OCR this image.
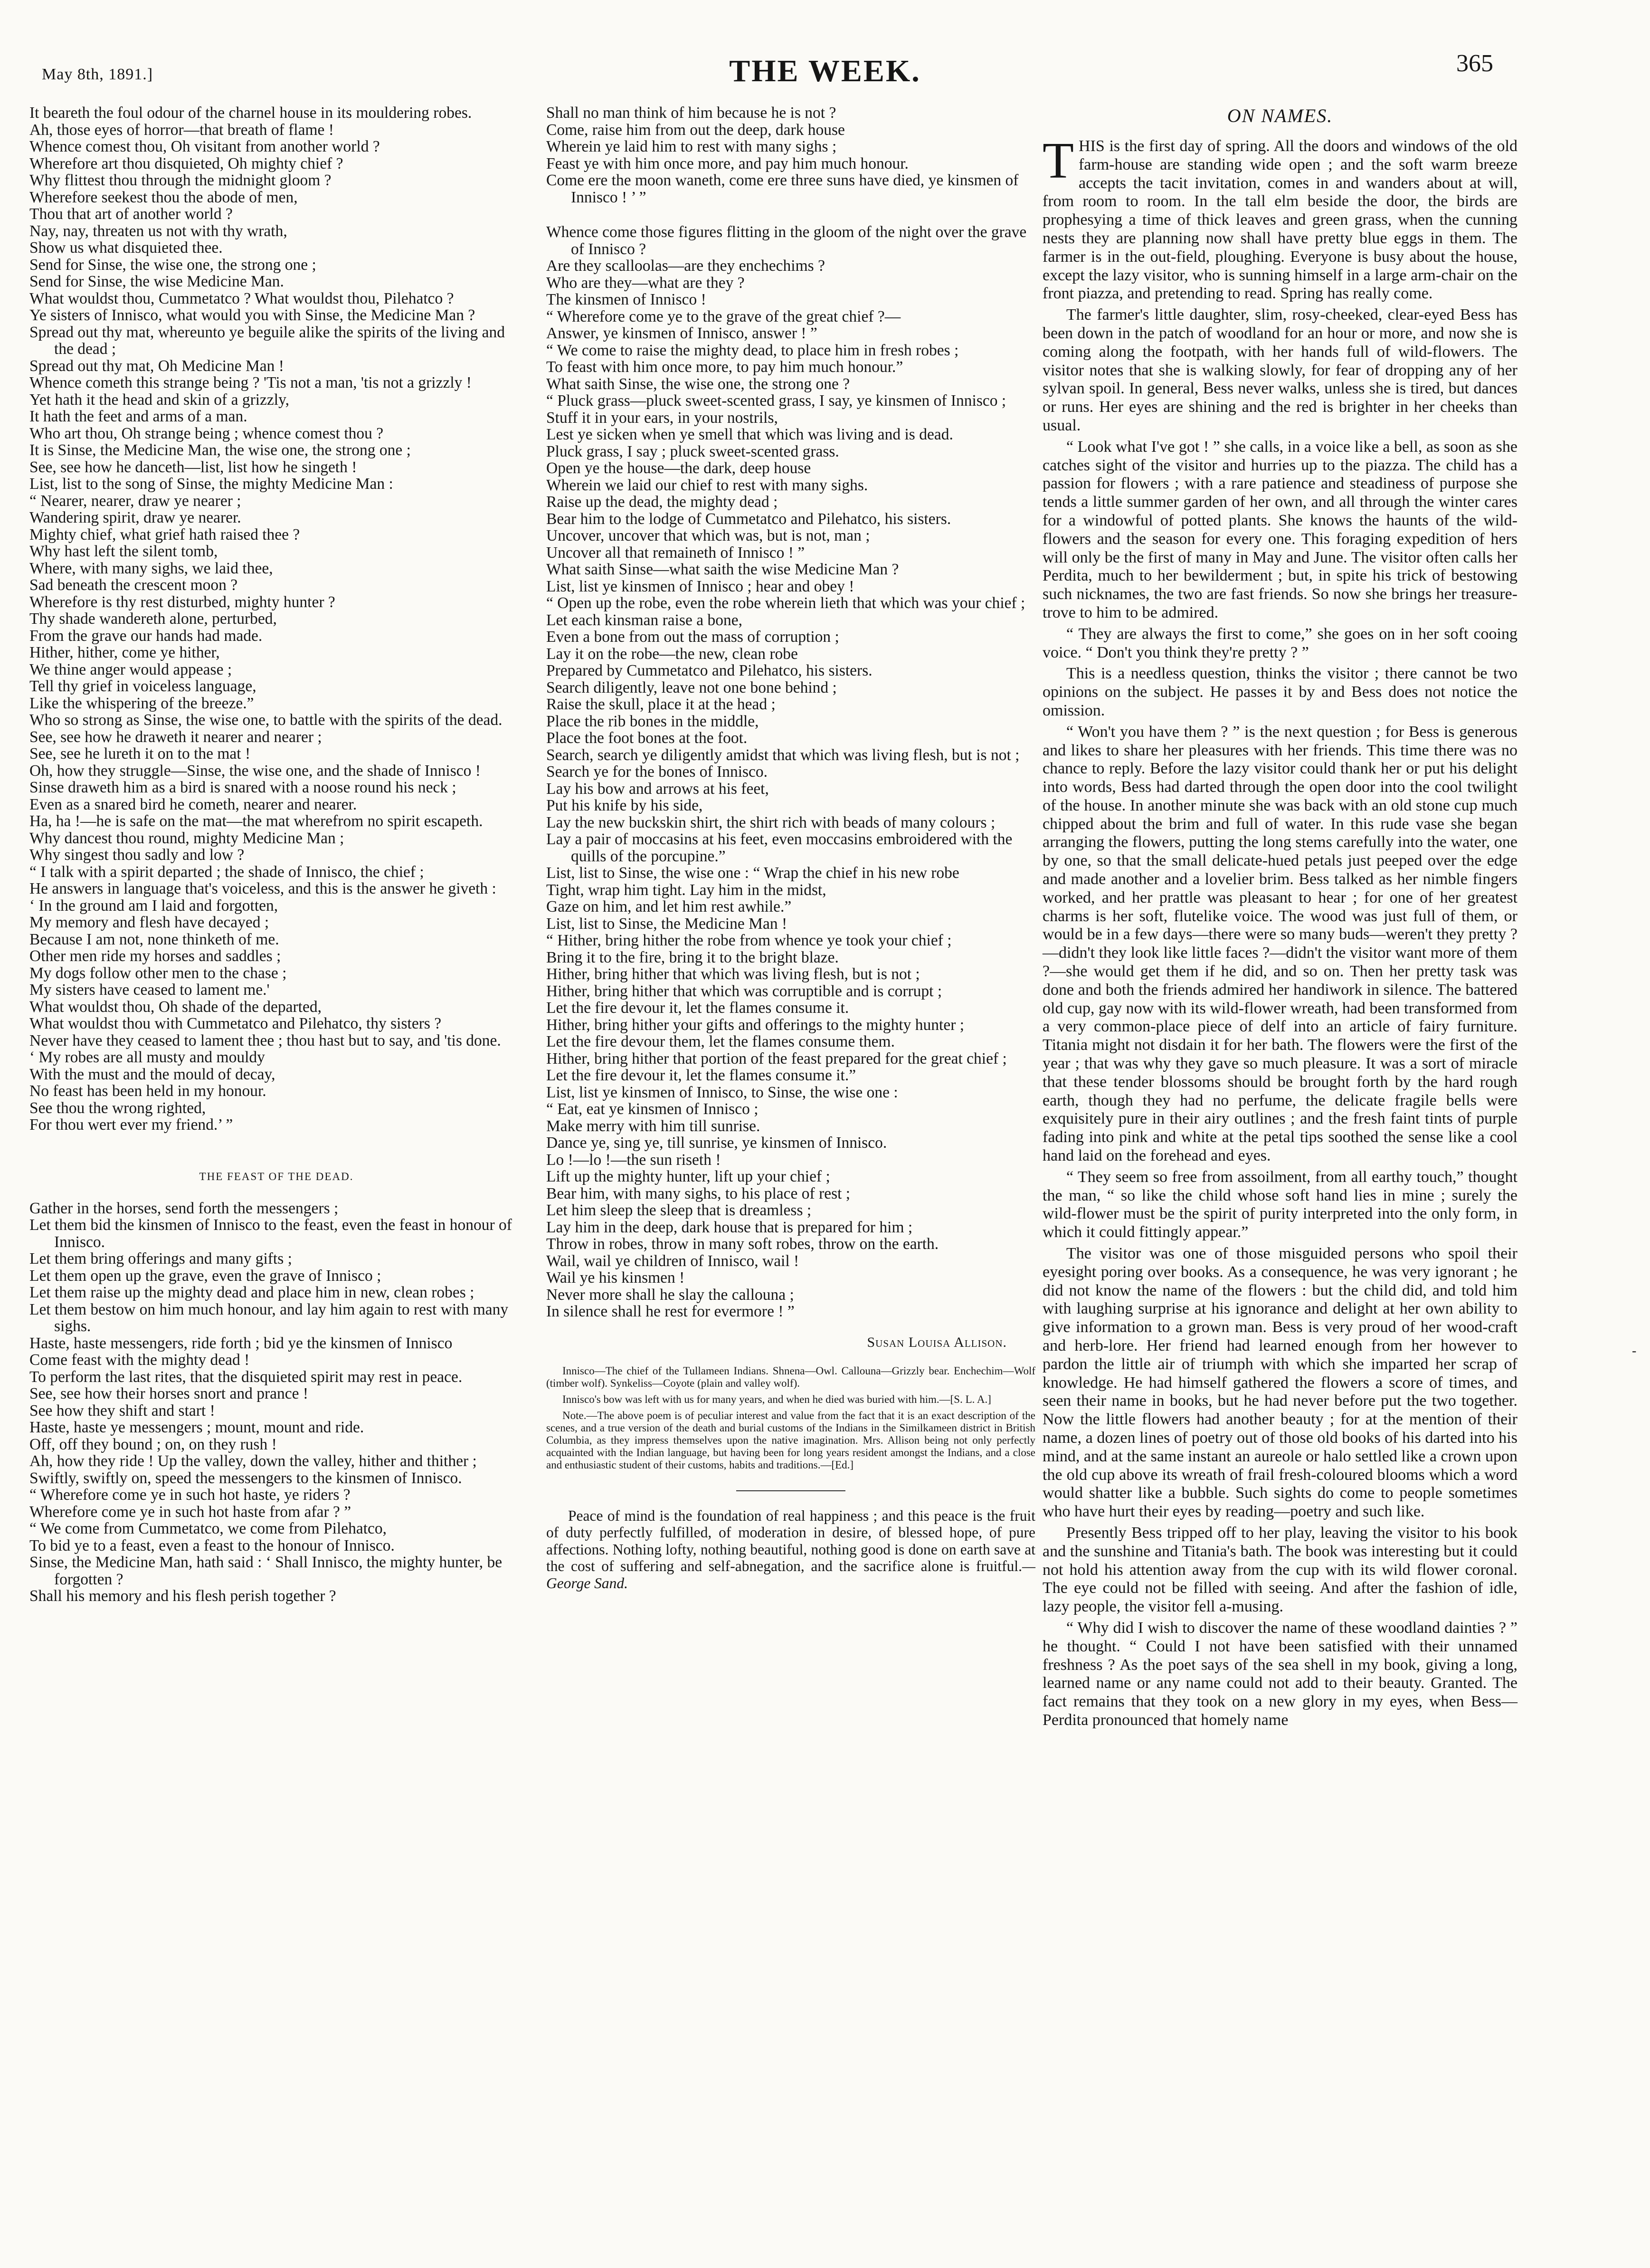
May 8th, 1891.]	THE WEEK.	365

It beareth the foul odour of the charnel house in its mouldering robes.

Ah, those eyes of horror—that breath of flame !

Whence comest thou, Oh visitant from another world ?

Wherefore art thou disquieted, Oh mighty chief ?

Why flittest thou through the midnight gloom ?

Wherefore seekest thou the abode of men,

Thou that art of another world ?

Nay, nay, threaten us not with thy wrath,

Show us what disquieted thee.

Send for Sinse, the wise one, the strong one ;

Send for Sinse, the wise Medicine Man.

What wouldst thou, Cummetatco ? What wouldst thou, Pilehatco ?

Ye sisters of Innisco, what would you with Sinse, the Medicine Man ?

Spread out thy mat, whereunto ye beguile alike the spirits of the living and the dead ;

Spread out thy mat, Oh Medicine Man !

Whence cometh this strange being ? 'Tis not a man, 'tis not a grizzly !

Yet hath it the head and skin of a grizzly,

It hath the feet and arms of a man.

Who art thou, Oh strange being ; whence comest thou ?

It is Sinse, the Medicine Man, the wise one, the strong one ;

See, see how he danceth—list, list how he singeth !

List, list to the song of Sinse, the mighty Medicine Man :

“ Nearer, nearer, draw ye nearer ;

Wandering spirit, draw ye nearer.

Mighty chief, what grief hath raised thee ?

Why hast left the silent tomb,

Where, with many sighs, we laid thee,

Sad beneath the crescent moon ?

Wherefore is thy rest disturbed, mighty hunter ?

Thy shade wandereth alone, perturbed,

From the grave our hands had made.

Hither, hither, come ye hither,

We thine anger would appease ;

Tell thy grief in voiceless language,

Like the whispering of the breeze.”

Who so strong as Sinse, the wise one, to battle with the spirits of the dead.

See, see how he draweth it nearer and nearer ;

See, see he lureth it on to the mat !

Oh, how they struggle—Sinse, the wise one, and the shade of Innisco !

Sinse draweth him as a bird is snared with a noose round his neck ;

Even as a snared bird he cometh, nearer and nearer.

Ha, ha !—he is safe on the mat—the mat wherefrom no spirit escapeth.

Why dancest thou round, mighty Medicine Man ;

Why singest thou sadly and low ?

“ I talk with a spirit departed ; the shade of Innisco, the chief ;

He answers in language that's voiceless, and this is the answer he giveth :

‘ In the ground am I laid and forgotten,

My memory and flesh have decayed ;

Because I am not, none thinketh of me.

Other men ride my horses and saddles ;

My dogs follow other men to the chase ;

My sisters have ceased to lament me.'

What wouldst thou, Oh shade of the departed,

What wouldst thou with Cummetatco and Pilehatco, thy sisters ?

Never have they ceased to lament thee ; thou hast but to say, and 'tis done.

‘ My robes are all musty and mouldy

With the must and the mould of decay,

No feast has been held in my honour.

See thou the wrong righted,

For thou wert ever my friend.’ ”

THE FEAST OF THE DEAD.

Gather in the horses, send forth the messengers ;

Let them bid the kinsmen of Innisco to the feast, even the feast in honour of Innisco.

Let them bring offerings and many gifts ;

Let them open up the grave, even the grave of Innisco ;

Let them raise up the mighty dead and place him in new, clean robes ;

Let them bestow on him much honour, and lay him again to rest with many sighs.

Haste, haste messengers, ride forth ; bid ye the kinsmen of Innisco

Come feast with the mighty dead !

To perform the last rites, that the disquieted spirit may rest in peace.

See, see how their horses snort and prance !

See how they shift and start !

Haste, haste ye messengers ; mount, mount and ride.

Off, off they bound ; on, on they rush !

Ah, how they ride ! Up the valley, down the valley, hither and thither ;

Swiftly, swiftly on, speed the messengers to the kinsmen of Innisco.

“ Wherefore come ye in such hot haste, ye riders ?

Wherefore come ye in such hot haste from afar ? ”

“ We come from Cummetatco, we come from Pilehatco,

To bid ye to a feast, even a feast to the honour of Innisco.

Sinse, the Medicine Man, hath said : ‘ Shall Innisco, the mighty hunter, be forgotten ?

Shall his memory and his flesh perish together ?

Shall no man think of him because he is not ?

Come, raise him from out the deep, dark house

Wherein ye laid him to rest with many sighs ;

Feast ye with him once more, and pay him much honour.

Come ere the moon waneth, come ere three suns have died, ye kinsmen of Innisco ! ’ ”

Whence come those figures flitting in the gloom of the night over the grave of Innisco ?

Are they scalloolas—are they enchechims ?

Who are they—what are they ?

The kinsmen of Innisco !

“ Wherefore come ye to the grave of the great chief ?—

Answer, ye kinsmen of Innisco, answer ! ”

“ We come to raise the mighty dead, to place him in fresh robes ;

To feast with him once more, to pay him much honour.”

What saith Sinse, the wise one, the strong one ?

“ Pluck grass—pluck sweet-scented grass, I say, ye kinsmen of Innisco ;

Stuff it in your ears, in your nostrils,

Lest ye sicken when ye smell that which was living and is dead.

Pluck grass, I say ; pluck sweet-scented grass.

Open ye the house—the dark, deep house

Wherein we laid our chief to rest with many sighs.

Raise up the dead, the mighty dead ;

Bear him to the lodge of Cummetatco and Pilehatco, his sisters.

Uncover, uncover that which was, but is not, man ;

Uncover all that remaineth of Innisco ! ”

What saith Sinse—what saith the wise Medicine Man ?

List, list ye kinsmen of Innisco ; hear and obey !

“ Open up the robe, even the robe wherein lieth that which was your chief ;

Let each kinsman raise a bone,

Even a bone from out the mass of corruption ;

Lay it on the robe—the new, clean robe

Prepared by Cummetatco and Pilehatco, his sisters.

Search diligently, leave not one bone behind ;

Raise the skull, place it at the head ;

Place the rib bones in the middle,

Place the foot bones at the foot.

Search, search ye diligently amidst that which was living flesh, but is not ;

Search ye for the bones of Innisco.

Lay his bow and arrows at his feet,

Put his knife by his side,

Lay the new buckskin shirt, the shirt rich with beads of many colours ;

Lay a pair of moccasins at his feet, even moccasins embroidered with the quills of the porcupine.”

List, list to Sinse, the wise one : “ Wrap the chief in his new robe

Tight, wrap him tight. Lay him in the midst,

Gaze on him, and let him rest awhile.”

List, list to Sinse, the Medicine Man !

“ Hither, bring hither the robe from whence ye took your chief ;

Bring it to the fire, bring it to the bright blaze.

Hither, bring hither that which was living flesh, but is not ;

Hither, bring hither that which was corruptible and is corrupt ;

Let the fire devour it, let the flames consume it.

Hither, bring hither your gifts and offerings to the mighty hunter ;

Let the fire devour them, let the flames consume them.

Hither, bring hither that portion of the feast prepared for the great chief ;

Let the fire devour it, let the flames consume it.”

List, list ye kinsmen of Innisco, to Sinse, the wise one :

“ Eat, eat ye kinsmen of Innisco ;

Make merry with him till sunrise.

Dance ye, sing ye, till sunrise, ye kinsmen of Innisco.

Lo !—lo !—the sun riseth !

Lift up the mighty hunter, lift up your chief ;

Bear him, with many sighs, to his place of rest ;

Let him sleep the sleep that is dreamless ;

Lay him in the deep, dark house that is prepared for him ;

Throw in robes, throw in many soft robes, throw on the earth.

Wail, wail ye children of Innisco, wail !

Wail ye his kinsmen !

Never more shall he slay the callouna ;

In silence shall he rest for evermore ! ”

Susan Louisa Allison.

Innisco—The chief of the Tullameen Indians. Shnena—Owl. Callouna—Grizzly bear. Enchechim—Wolf (timber wolf). Synkeliss—Coyote (plain and valley wolf).

Innisco's bow was left with us for many years, and when he died was buried with him.—[S. L. A.]

Note.—The above poem is of peculiar interest and value from the fact that it is an exact description of the scenes, and a true version of the death and burial customs of the Indians in the Similkameen district in British Columbia, as they impress themselves upon the native imagination. Mrs. Allison being not only perfectly acquainted with the Indian language, but having been for long years resident amongst the Indians, and a close and enthusiastic student of their customs, habits and traditions.—[Ed.]

Peace of mind is the foundation of real happiness ; and this peace is the fruit of duty perfectly fulfilled, of moderation in desire, of blessed hope, of pure affections. Nothing lofty, nothing beautiful, nothing good is done on earth save at the cost of suffering and self-abnegation, and the sacrifice alone is fruitful.—George Sand.

ON NAMES.

THIS is the first day of spring. All the doors and windows of the old farm-house are standing wide open ; and the soft warm breeze accepts the tacit invitation, comes in and wanders about at will, from room to room. In the tall elm beside the door, the birds are prophesying a time of thick leaves and green grass, when the cunning nests they are planning now shall have pretty blue eggs in them. The farmer is in the out-field, ploughing. Everyone is busy about the house, except the lazy visitor, who is sunning himself in a large arm-chair on the front piazza, and pretending to read. Spring has really come.

The farmer's little daughter, slim, rosy-cheeked, clear-eyed Bess has been down in the patch of woodland for an hour or more, and now she is coming along the footpath, with her hands full of wild-flowers. The visitor notes that she is walking slowly, for fear of dropping any of her sylvan spoil. In general, Bess never walks, unless she is tired, but dances or runs. Her eyes are shining and the red is brighter in her cheeks than usual.

“ Look what I've got ! ” she calls, in a voice like a bell, as soon as she catches sight of the visitor and hurries up to the piazza. The child has a passion for flowers ; with a rare patience and steadiness of purpose she tends a little summer garden of her own, and all through the winter cares for a windowful of potted plants. She knows the haunts of the wild-flowers and the season for every one. This foraging expedition of hers will only be the first of many in May and June. The visitor often calls her Perdita, much to her bewilderment ; but, in spite his trick of bestowing such nicknames, the two are fast friends. So now she brings her treasure-trove to him to be admired.

“ They are always the first to come,” she goes on in her soft cooing voice. “ Don't you think they're pretty ? ”

This is a needless question, thinks the visitor ; there cannot be two opinions on the subject. He passes it by and Bess does not notice the omission.

“ Won't you have them ? ” is the next question ; for Bess is generous and likes to share her pleasures with her friends. This time there was no chance to reply. Before the lazy visitor could thank her or put his delight into words, Bess had darted through the open door into the cool twilight of the house. In another minute she was back with an old stone cup much chipped about the brim and full of water. In this rude vase she began arranging the flowers, putting the long stems carefully into the water, one by one, so that the small delicate-hued petals just peeped over the edge and made another and a lovelier brim. Bess talked as her nimble fingers worked, and her prattle was pleasant to hear ; for one of her greatest charms is her soft, flutelike voice. The wood was just full of them, or would be in a few days—there were so many buds—weren't they pretty ?—didn't they look like little faces ?—didn't the visitor want more of them ?—she would get them if he did, and so on. Then her pretty task was done and both the friends admired her handiwork in silence. The battered old cup, gay now with its wild-flower wreath, had been transformed from a very common-place piece of delf into an article of fairy furniture. Titania might not disdain it for her bath. The flowers were the first of the year ; that was why they gave so much pleasure. It was a sort of miracle that these tender blossoms should be brought forth by the hard rough earth, though they had no perfume, the delicate fragile bells were exquisitely pure in their airy outlines ; and the fresh faint tints of purple fading into pink and white at the petal tips soothed the sense like a cool hand laid on the forehead and eyes.

“ They seem so free from assoilment, from all earthy touch,” thought the man, “ so like the child whose soft hand lies in mine ; surely the wild-flower must be the spirit of purity interpreted into the only form, in which it could fittingly appear.”

The visitor was one of those misguided persons who spoil their eyesight poring over books. As a consequence, he was very ignorant ; he did not know the name of the flowers : but the child did, and told him with laughing surprise at his ignorance and delight at her own ability to give information to a grown man. Bess is very proud of her wood-craft and herb-lore. Her friend had learned enough from her however to pardon the little air of triumph with which she imparted her scrap of knowledge. He had himself gathered the flowers a score of times, and seen their name in books, but he had never before put the two together. Now the little flowers had another beauty ; for at the mention of their name, a dozen lines of poetry out of those old books of his darted into his mind, and at the same instant an aureole or halo settled like a crown upon the old cup above its wreath of frail fresh-coloured blooms which a word would shatter like a bubble. Such sights do come to people sometimes who have hurt their eyes by reading—poetry and such like.

Presently Bess tripped off to her play, leaving the visitor to his book and the sunshine and Titania's bath. The book was interesting but it could not hold his attention away from the cup with its wild flower coronal. The eye could not be filled with seeing. And after the fashion of idle, lazy people, the visitor fell a-musing.

“ Why did I wish to discover the name of these woodland dainties ? ” he thought. “ Could I not have been satisfied with their unnamed freshness ? As the poet says of the sea shell in my book, giving a long, learned name or any name could not add to their beauty. Granted. The fact remains that they took on a new glory in my eyes, when Bess—Perdita pronounced that homely name

-
